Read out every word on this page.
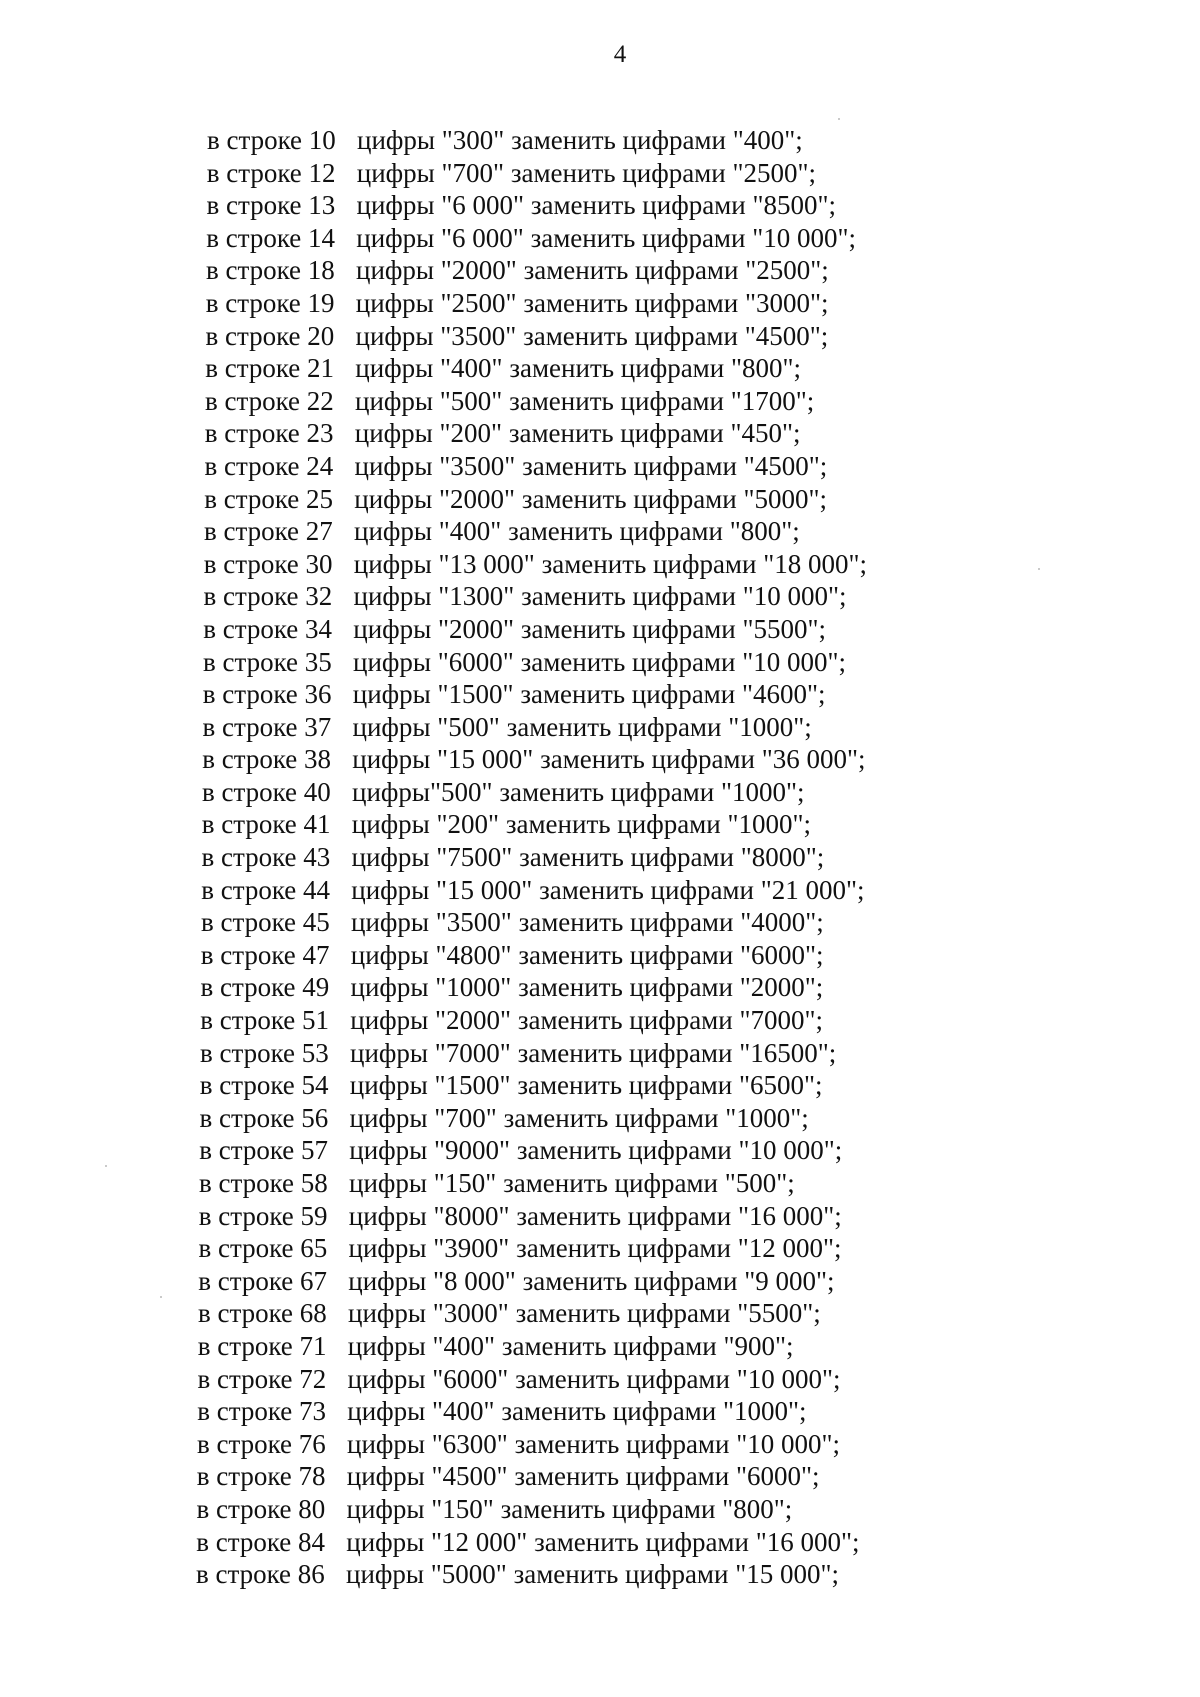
4
в строке 10 цифры "300" заменить цифрами "400";
в строке 12 цифры "700" заменить цифрами "2500";
в строке 13 цифры "6 000" заменить цифрами "8500";
в строке 14 цифры "6 000" заменить цифрами "10 000";
в строке 18 цифры "2000" заменить цифрами "2500";
в строке 19 цифры "2500" заменить цифрами "3000";
в строке 20 цифры "3500" заменить цифрами "4500";
в строке 21 цифры "400" заменить цифрами "800";
в строке 22 цифры "500" заменить цифрами "1700";
в строке 23 цифры "200" заменить цифрами "450";
в строке 24 цифры "3500" заменить цифрами "4500";
в строке 25 цифры "2000" заменить цифрами "5000";
в строке 27 цифры "400" заменить цифрами "800";
в строке 30 цифры "13 000" заменить цифрами "18 000";
в строке 32 цифры "1300" заменить цифрами "10 000";
в строке 34 цифры "2000" заменить цифрами "5500";
в строке 35 цифры "6000" заменить цифрами "10 000";
в строке 36 цифры "1500" заменить цифрами "4600";
в строке 37 цифры "500" заменить цифрами "1000";
в строке 38 цифры "15 000" заменить цифрами "36 000";
в строке 40 цифры"500" заменить цифрами "1000";
в строке 41 цифры "200" заменить цифрами "1000";
в строке 43 цифры "7500" заменить цифрами "8000";
в строке 44 цифры "15 000" заменить цифрами "21 000";
в строке 45 цифры "3500" заменить цифрами "4000";
в строке 47 цифры "4800" заменить цифрами "6000";
в строке 49 цифры "1000" заменить цифрами "2000";
в строке 51 цифры "2000" заменить цифрами "7000";
в строке 53 цифры "7000" заменить цифрами "16500";
в строке 54 цифры "1500" заменить цифрами "6500";
в строке 56 цифры "700" заменить цифрами "1000";
в строке 57 цифры "9000" заменить цифрами "10 000";
в строке 58 цифры "150" заменить цифрами "500";
в строке 59 цифры "8000" заменить цифрами "16 000";
в строке 65 цифры "3900" заменить цифрами "12 000";
в строке 67 цифры "8 000" заменить цифрами "9 000";
в строке 68 цифры "3000" заменить цифрами "5500";
в строке 71 цифры "400" заменить цифрами "900";
в строке 72 цифры "6000" заменить цифрами "10 000";
в строке 73 цифры "400" заменить цифрами "1000";
в строке 76 цифры "6300" заменить цифрами "10 000";
в строке 78 цифры "4500" заменить цифрами "6000";
в строке 80 цифры "150" заменить цифрами "800";
в строке 84 цифры "12 000" заменить цифрами "16 000";
в строке 86 цифры "5000" заменить цифрами "15 000";
